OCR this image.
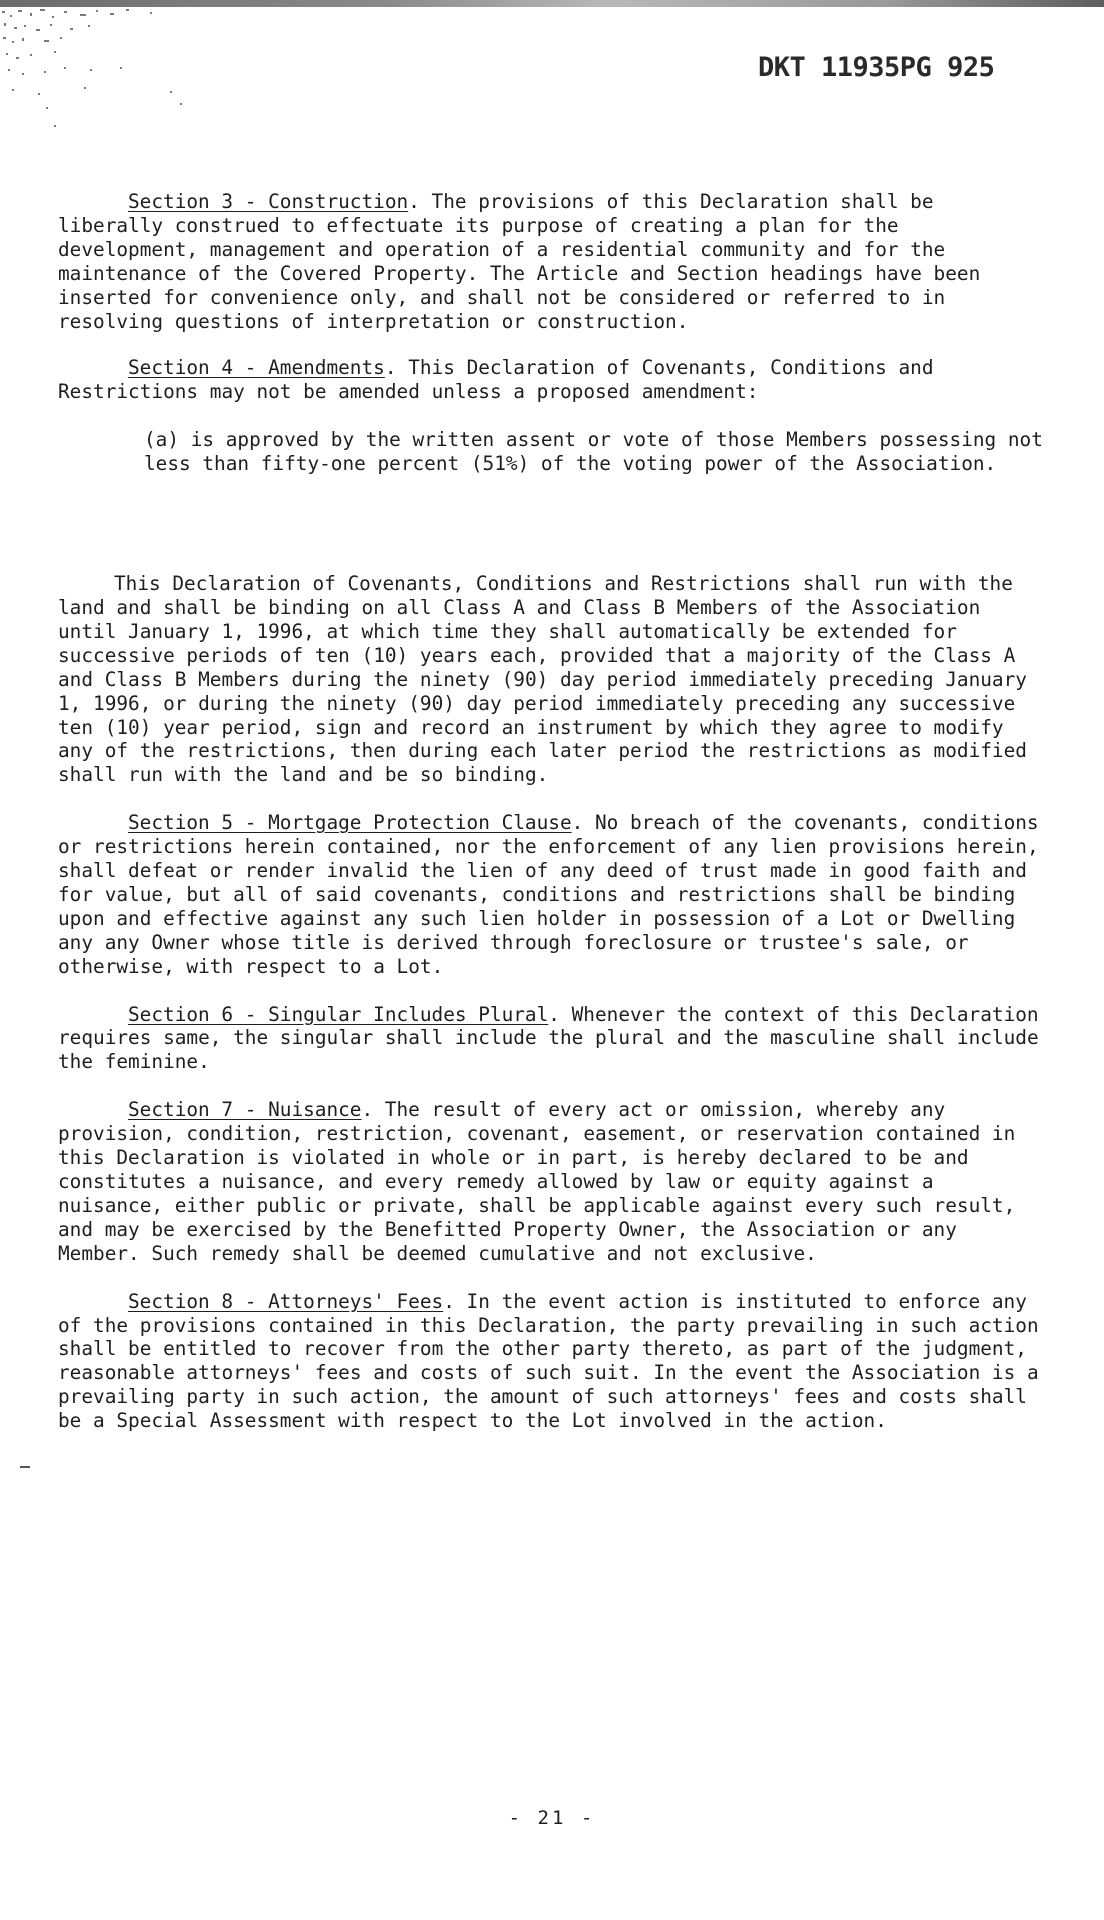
DKT 11935PG 925

Section 3 - Construction. The provisions of this Declaration shall be liberally construed to effectuate its purpose of creating a plan for the development, management and operation of a residential community and for the maintenance of the Covered Property. The Article and Section headings have been inserted for convenience only, and shall not be considered or referred to in resolving questions of interpretation or construction.

Section 4 - Amendments. This Declaration of Covenants, Conditions and Restrictions may not be amended unless a proposed amendment:

(a) is approved by the written assent or vote of those Members possessing not less than fifty-one percent (51%) of the voting power of the Association.

This Declaration of Covenants, Conditions and Restrictions shall run with the land and shall be binding on all Class A and Class B Members of the Association until January 1, 1996, at which time they shall automatically be extended for successive periods of ten (10) years each, provided that a majority of the Class A and Class B Members during the ninety (90) day period immediately preceding January 1, 1996, or during the ninety (90) day period immediately preceding any successive ten (10) year period, sign and record an instrument by which they agree to modify any of the restrictions, then during each later period the restrictions as modified shall run with the land and be so binding.

Section 5 - Mortgage Protection Clause. No breach of the covenants, conditions or restrictions herein contained, nor the enforcement of any lien provisions herein, shall defeat or render invalid the lien of any deed of trust made in good faith and for value, but all of said covenants, conditions and restrictions shall be binding upon and effective against any such lien holder in possession of a Lot or Dwelling any any Owner whose title is derived through foreclosure or trustee's sale, or otherwise, with respect to a Lot.

Section 6 - Singular Includes Plural. Whenever the context of this Declaration requires same, the singular shall include the plural and the masculine shall include the feminine.

Section 7 - Nuisance. The result of every act or omission, whereby any provision, condition, restriction, covenant, easement, or reservation contained in this Declaration is violated in whole or in part, is hereby declared to be and constitutes a nuisance, and every remedy allowed by law or equity against a nuisance, either public or private, shall be applicable against every such result, and may be exercised by the Benefitted Property Owner, the Association or any Member. Such remedy shall be deemed cumulative and not exclusive.

Section 8 - Attorneys' Fees. In the event action is instituted to enforce any of the provisions contained in this Declaration, the party prevailing in such action shall be entitled to recover from the other party thereto, as part of the judgment, reasonable attorneys' fees and costs of such suit. In the event the Association is a prevailing party in such action, the amount of such attorneys' fees and costs shall be a Special Assessment with respect to the Lot involved in the action.

- 21 -
